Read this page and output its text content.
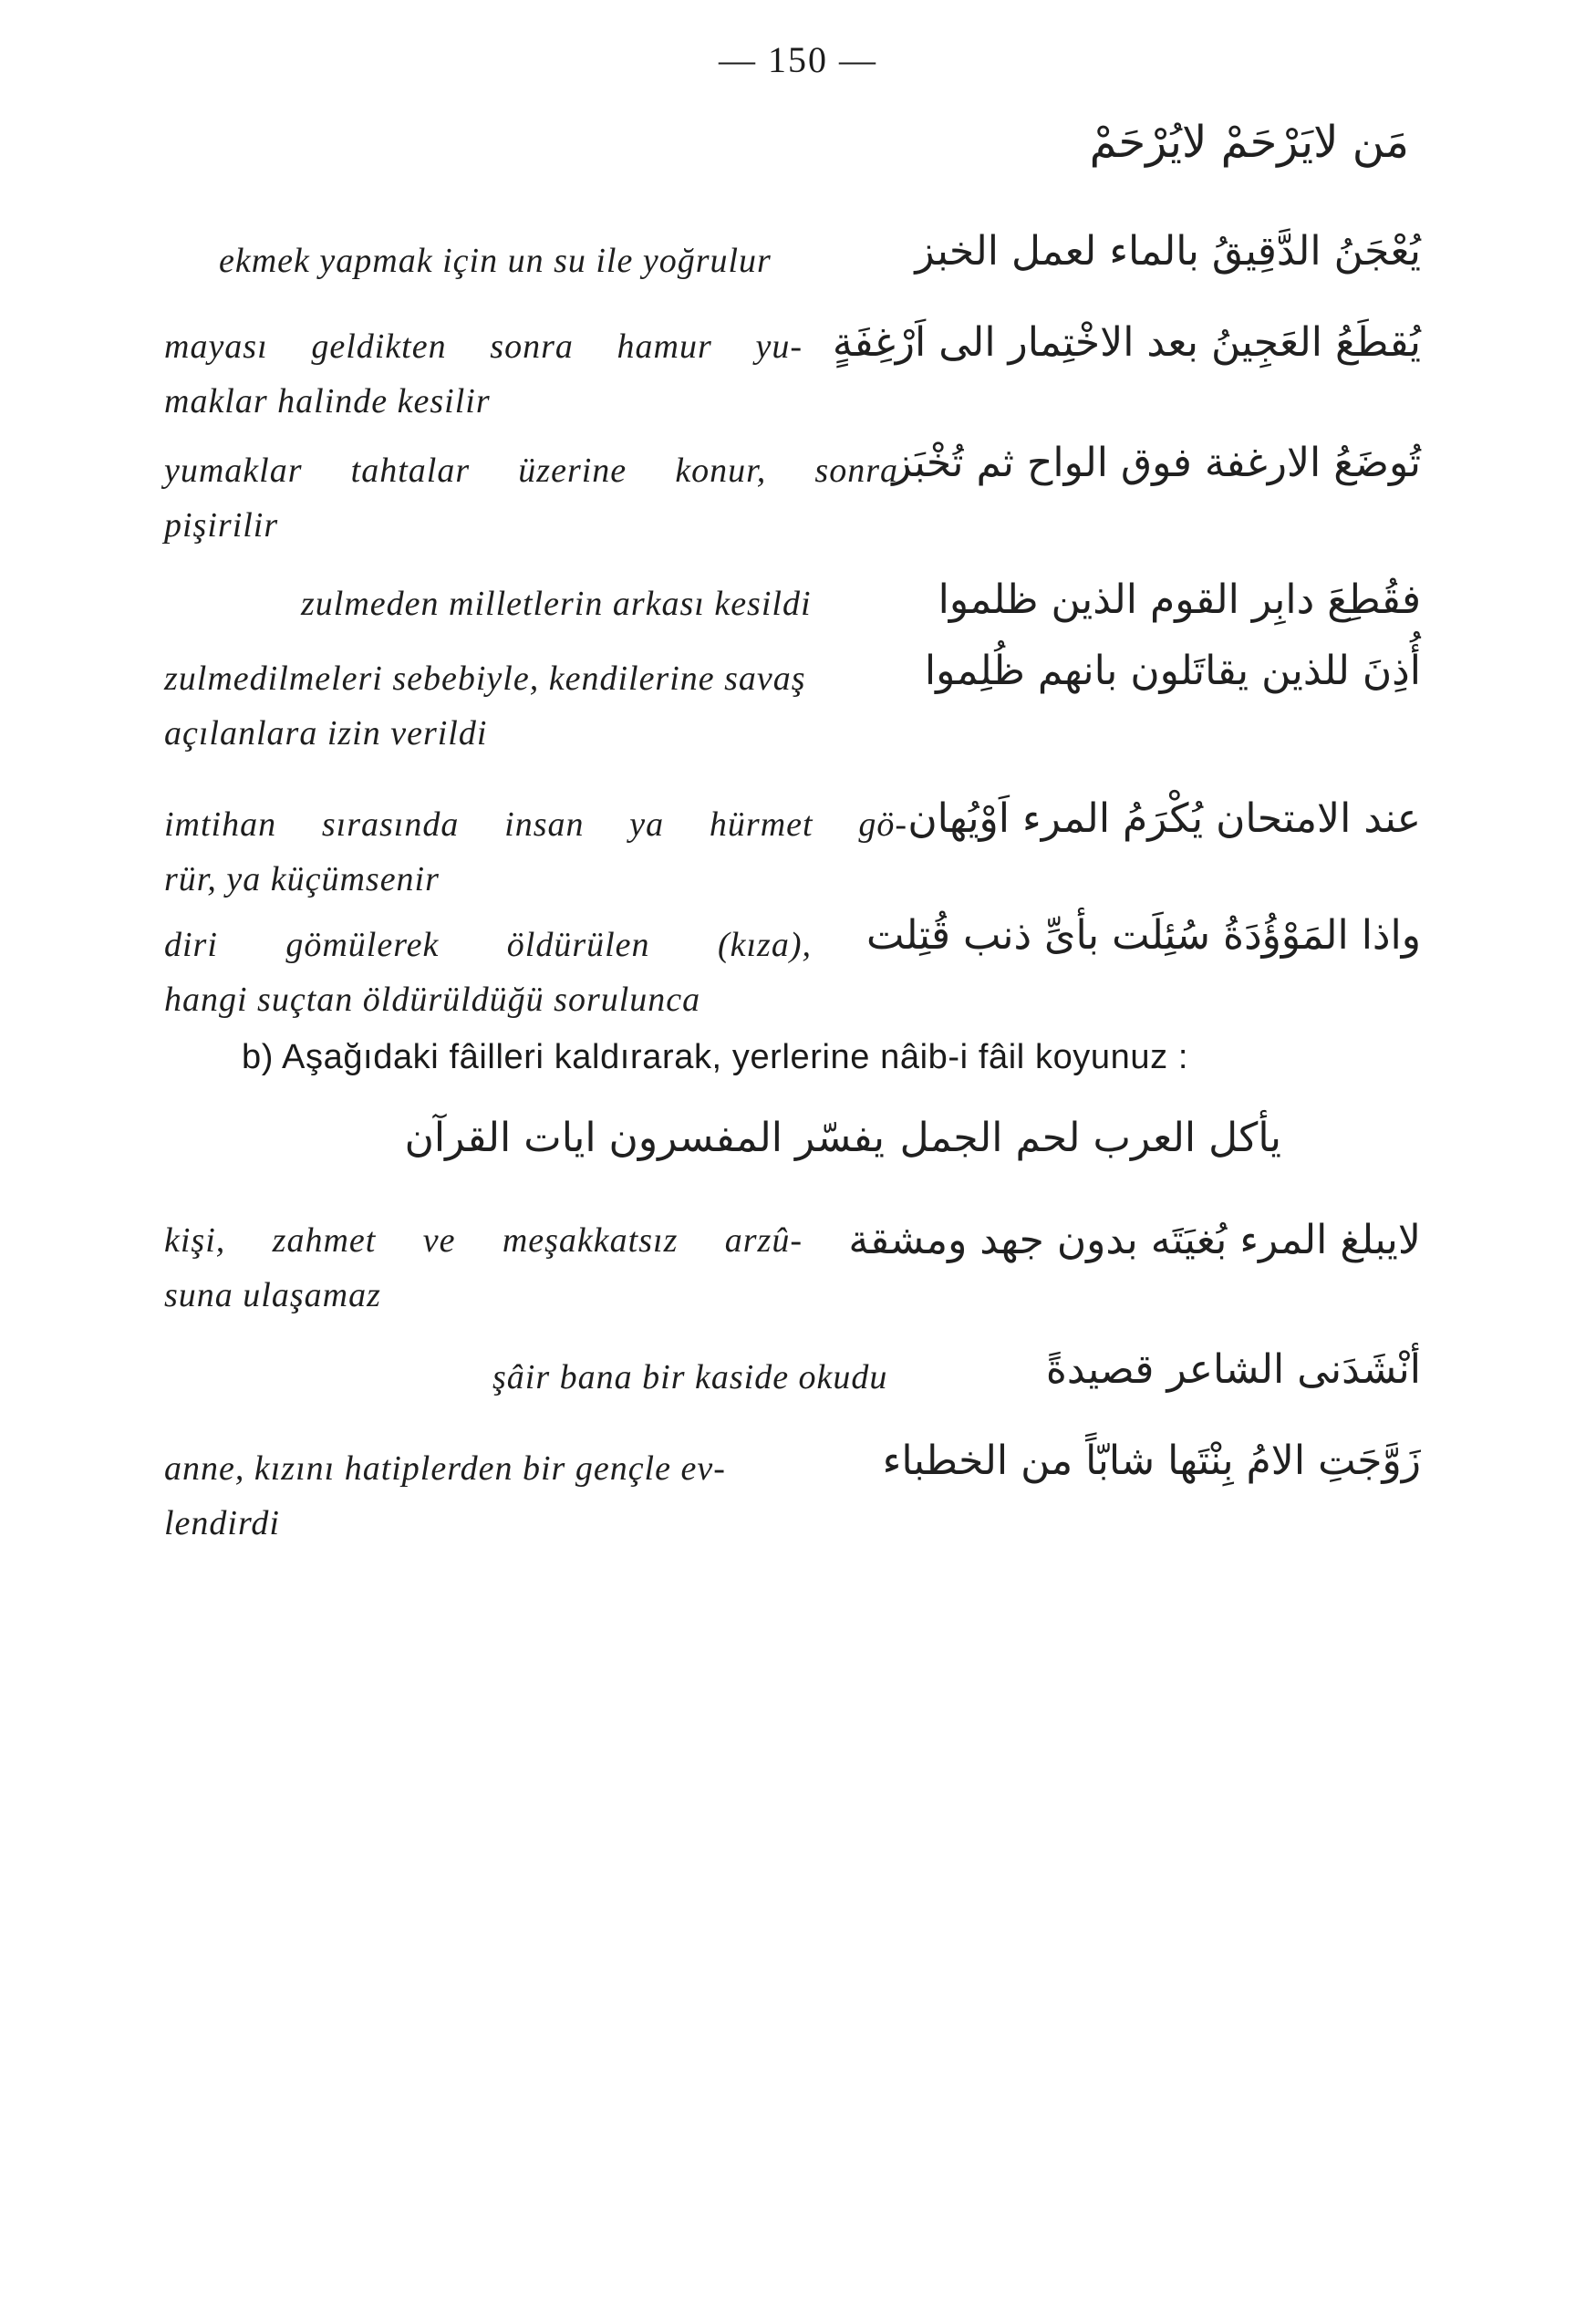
— 150 —
مَن لايَرْحَمْ لايُرْحَمْ
يُعْجَنُ الدَّقِيقُ بالماء لعمل الخبز
ekmek yapmak için un su ile yoğrulur
يُقطَعُ العَجِينُ بعد الاخْتِمار الى اَرْغِفَةٍ
mayası geldikten sonra hamur yu-
maklar halinde kesilir
تُوضَعُ الارغفة فوق الواح ثم تُخْبَز
yumaklar tahtalar üzerine konur, sonra
pişirilir
فقُطِعَ دابِر القوم الذين ظلموا
zulmeden milletlerin arkası kesildi
أُذِنَ للذين يقاتَلون بانهم ظُلِموا
zulmedilmeleri sebebiyle, kendilerine savaş
açılanlara izin verildi
عند الامتحان يُكْرَمُ المرء اَوْيُهان
imtihan sırasında insan ya hürmet gö-
rür, ya küçümsenir
واذا المَوْؤُدَةُ سُئِلَت بأىِّ ذنب قُتِلت
diri gömülerek öldürülen (kıza),
hangi suçtan öldürüldüğü sorulunca
b) Aşağıdaki fâilleri kaldırarak, yerlerine nâib-i fâil koyunuz :
يأكل العرب لحم الجمل
يفسّر المفسرون ايات القرآن
لايبلغ المرء بُغيَتَه بدون جهد ومشقة
kişi, zahmet ve meşakkatsız arzû-
suna ulaşamaz
أنْشَدَنى الشاعر قصيدةً
şâir bana bir kaside okudu
زَوَّجَتِ الامُ بِنْتَها شابّاً من الخطباء
anne, kızını hatiplerden bir gençle ev-
lendirdi
